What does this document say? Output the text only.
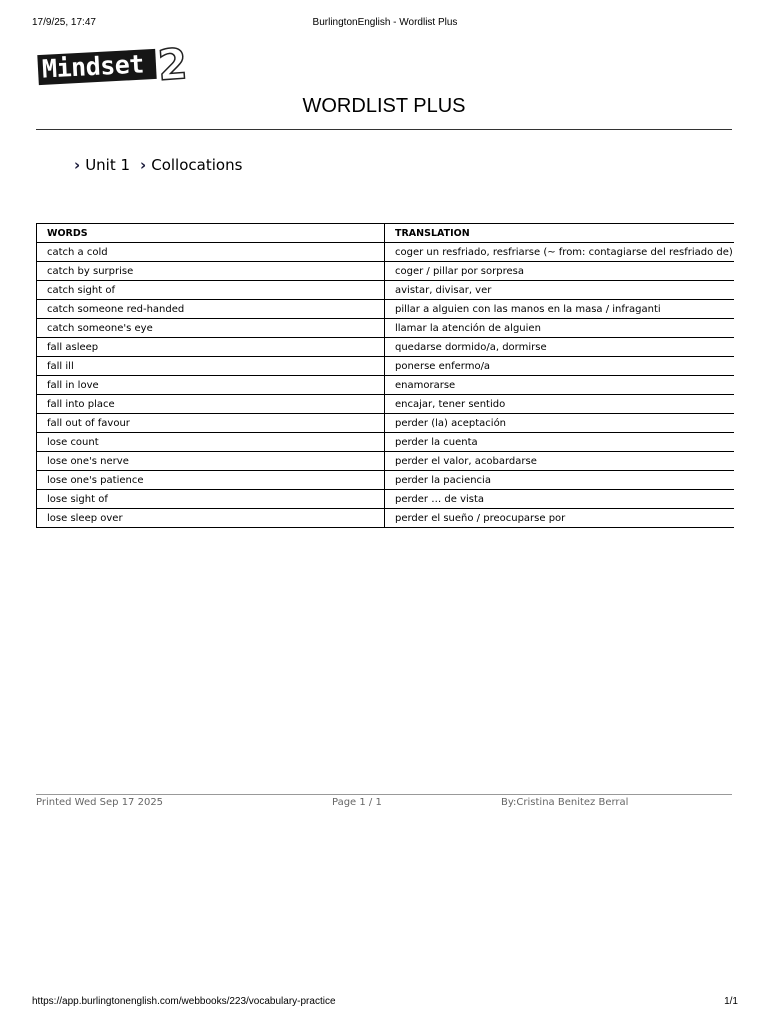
17/9/25, 17:47	BurlingtonEnglish - Wordlist Plus
Mindset 2
WORDLIST PLUS
› Unit 1 › Collocations
WORDS	TRANSLATION
catch a cold	coger un resfriado, resfriarse (~ from: contagiarse del resfriado de)
catch by surprise	coger / pillar por sorpresa
catch sight of	avistar, divisar, ver
catch someone red-handed	pillar a alguien con las manos en la masa / infraganti
catch someone's eye	llamar la atención de alguien
fall asleep	quedarse dormido/a, dormirse
fall ill	ponerse enfermo/a
fall in love	enamorarse
fall into place	encajar, tener sentido
fall out of favour	perder (la) aceptación
lose count	perder la cuenta
lose one's nerve	perder el valor, acobardarse
lose one's patience	perder la paciencia
lose sight of	perder … de vista
lose sleep over	perder el sueño / preocuparse por
Printed Wed Sep 17 2025	Page 1 / 1	By:Cristina Benitez Berral
https://app.burlingtonenglish.com/webbooks/223/vocabulary-practice	1/1
